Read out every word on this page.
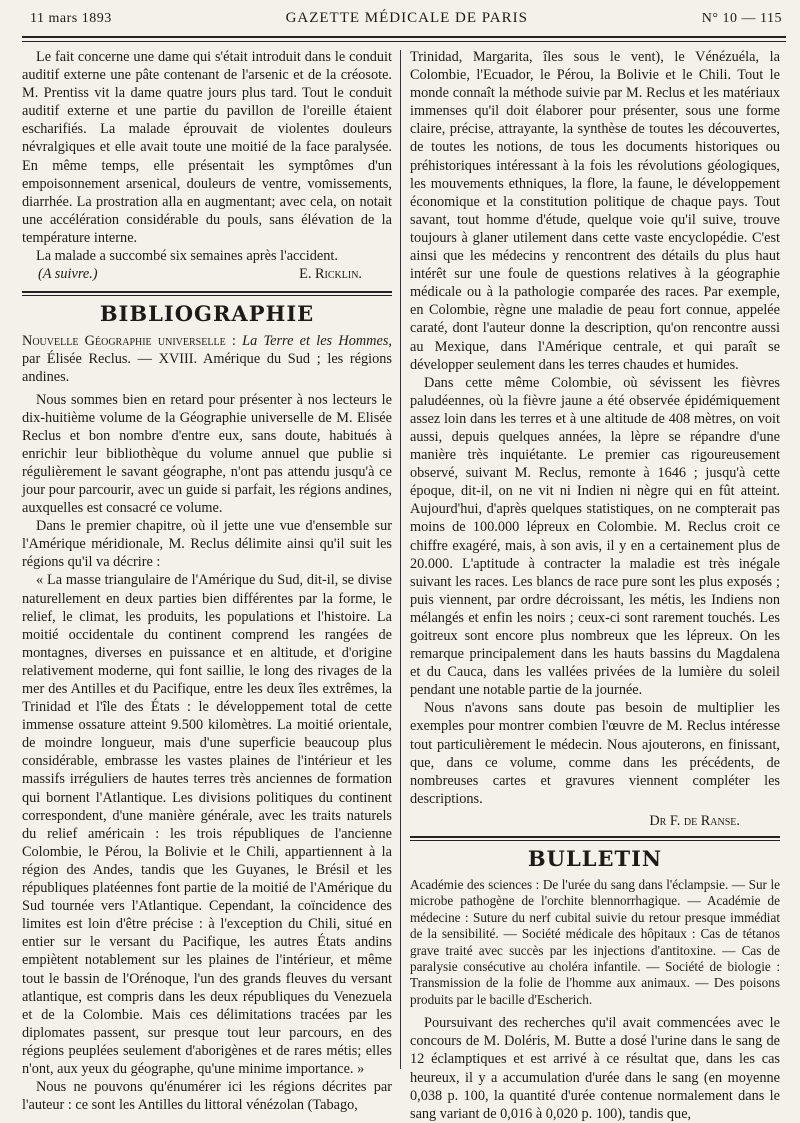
11 mars 1893	GAZETTE MÉDICALE DE PARIS	N° 10 — 115

Le fait concerne une dame qui s'était introduit dans le conduit auditif externe une pâte contenant de l'arsenic et de la créosote. M. Prentiss vit la dame quatre jours plus tard. Tout le conduit auditif externe et une partie du pavillon de l'oreille étaient escharifiés. La malade éprouvait de violentes douleurs névralgiques et elle avait toute une moitié de la face paralysée. En même temps, elle présentait les symptômes d'un empoisonnement arsenical, douleurs de ventre, vomissements, diarrhée. La prostration alla en augmentant; avec cela, on notait une accélération considérable du pouls, sans élévation de la température interne.

La malade a succombé six semaines après l'accident.

(A suivre.)	E. Ricklin.
BIBLIOGRAPHIE

Nouvelle Géographie universelle : La Terre et les Hommes, par Élisée Reclus. — XVIII. Amérique du Sud ; les régions andines.

Nous sommes bien en retard pour présenter à nos lecteurs le dix-huitième volume de la Géographie universelle de M. Elisée Reclus et bon nombre d'entre eux, sans doute, habitués à enrichir leur bibliothèque du volume annuel que publie si régulièrement le savant géographe, n'ont pas attendu jusqu'à ce jour pour parcourir, avec un guide si parfait, les régions andines, auxquelles est consacré ce volume.

Dans le premier chapitre, où il jette une vue d'ensemble sur l'Amérique méridionale, M. Reclus délimite ainsi qu'il suit les régions qu'il va décrire :

« La masse triangulaire de l'Amérique du Sud, dit-il, se divise naturellement en deux parties bien différentes par la forme, le relief, le climat, les produits, les populations et l'histoire. La moitié occidentale du continent comprend les rangées de montagnes, diverses en puissance et en altitude, et d'origine relativement moderne, qui font saillie, le long des rivages de la mer des Antilles et du Pacifique, entre les deux îles extrêmes, la Trinidad et l'île des États : le développement total de cette immense ossature atteint 9.500 kilomètres. La moitié orientale, de moindre longueur, mais d'une superficie beaucoup plus considérable, embrasse les vastes plaines de l'intérieur et les massifs irréguliers de hautes terres très anciennes de formation qui bornent l'Atlantique. Les divisions politiques du continent correspondent, d'une manière générale, avec les traits naturels du relief américain : les trois républiques de l'ancienne Colombie, le Pérou, la Bolivie et le Chili, appartiennent à la région des Andes, tandis que les Guyanes, le Brésil et les républiques platéennes font partie de la moitié de l'Amérique du Sud tournée vers l'Atlantique. Cependant, la coïncidence des limites est loin d'être précise : à l'exception du Chili, situé en entier sur le versant du Pacifique, les autres États andins empiètent notablement sur les plaines de l'intérieur, et même tout le bassin de l'Orénoque, l'un des grands fleuves du versant atlantique, est compris dans les deux républiques du Venezuela et de la Colombie. Mais ces délimitations tracées par les diplomates passent, sur presque tout leur parcours, en des régions peuplées seulement d'aborigènes et de rares métis; elles n'ont, aux yeux du géographe, qu'une minime importance. »

Nous ne pouvons qu'énumérer ici les régions décrites par l'auteur : ce sont les Antilles du littoral vénézolan (Tabago,

Trinidad, Margarita, îles sous le vent), le Vénézuéla, la Colombie, l'Ecuador, le Pérou, la Bolivie et le Chili. Tout le monde connaît la méthode suivie par M. Reclus et les matériaux immenses qu'il doit élaborer pour présenter, sous une forme claire, précise, attrayante, la synthèse de toutes les découvertes, de toutes les notions, de tous les documents historiques ou préhistoriques intéressant à la fois les révolutions géologiques, les mouvements ethniques, la flore, la faune, le développement économique et la constitution politique de chaque pays. Tout savant, tout homme d'étude, quelque voie qu'il suive, trouve toujours à glaner utilement dans cette vaste encyclopédie. C'est ainsi que les médecins y rencontrent des détails du plus haut intérêt sur une foule de questions relatives à la géographie médicale ou à la pathologie comparée des races. Par exemple, en Colombie, règne une maladie de peau fort connue, appelée caraté, dont l'auteur donne la description, qu'on rencontre aussi au Mexique, dans l'Amérique centrale, et qui paraît se développer seulement dans les terres chaudes et humides.

Dans cette même Colombie, où sévissent les fièvres paludéennes, où la fièvre jaune a été observée épidémiquement assez loin dans les terres et à une altitude de 408 mètres, on voit aussi, depuis quelques années, la lèpre se répandre d'une manière très inquiétante. Le premier cas rigoureusement observé, suivant M. Reclus, remonte à 1646 ; jusqu'à cette époque, dit-il, on ne vit ni Indien ni nègre qui en fût atteint. Aujourd'hui, d'après quelques statistiques, on ne compterait pas moins de 100.000 lépreux en Colombie. M. Reclus croit ce chiffre exagéré, mais, à son avis, il y en a certainement plus de 20.000. L'aptitude à contracter la maladie est très inégale suivant les races. Les blancs de race pure sont les plus exposés ; puis viennent, par ordre décroissant, les métis, les Indiens non mélangés et enfin les noirs ; ceux-ci sont rarement touchés. Les goitreux sont encore plus nombreux que les lépreux. On les remarque principalement dans les hauts bassins du Magdalena et du Cauca, dans les vallées privées de la lumière du soleil pendant une notable partie de la journée.

Nous n'avons sans doute pas besoin de multiplier les exemples pour montrer combien l'œuvre de M. Reclus intéresse tout particulièrement le médecin. Nous ajouterons, en finissant, que, dans ce volume, comme dans les précédents, de nombreuses cartes et gravures viennent compléter les descriptions.

Dr F. de Ranse.
BULLETIN

Académie des sciences : De l'urée du sang dans l'éclampsie. — Sur le microbe pathogène de l'orchite blennorrhagique. — Académie de médecine : Suture du nerf cubital suivie du retour presque immédiat de la sensibilité. — Société médicale des hôpitaux : Cas de tétanos grave traité avec succès par les injections d'antitoxine. — Cas de paralysie consécutive au choléra infantile. — Société de biologie : Transmission de la folie de l'homme aux animaux. — Des poisons produits par le bacille d'Escherich.

Poursuivant des recherches qu'il avait commencées avec le concours de M. Doléris, M. Butte a dosé l'urine dans le sang de 12 éclamptiques et est arrivé à ce résultat que, dans les cas heureux, il y a accumulation d'urée dans le sang (en moyenne 0,038 p. 100, la quantité d'urée contenue normalement dans le sang variant de 0,016 à 0,020 p. 100), tandis que,
